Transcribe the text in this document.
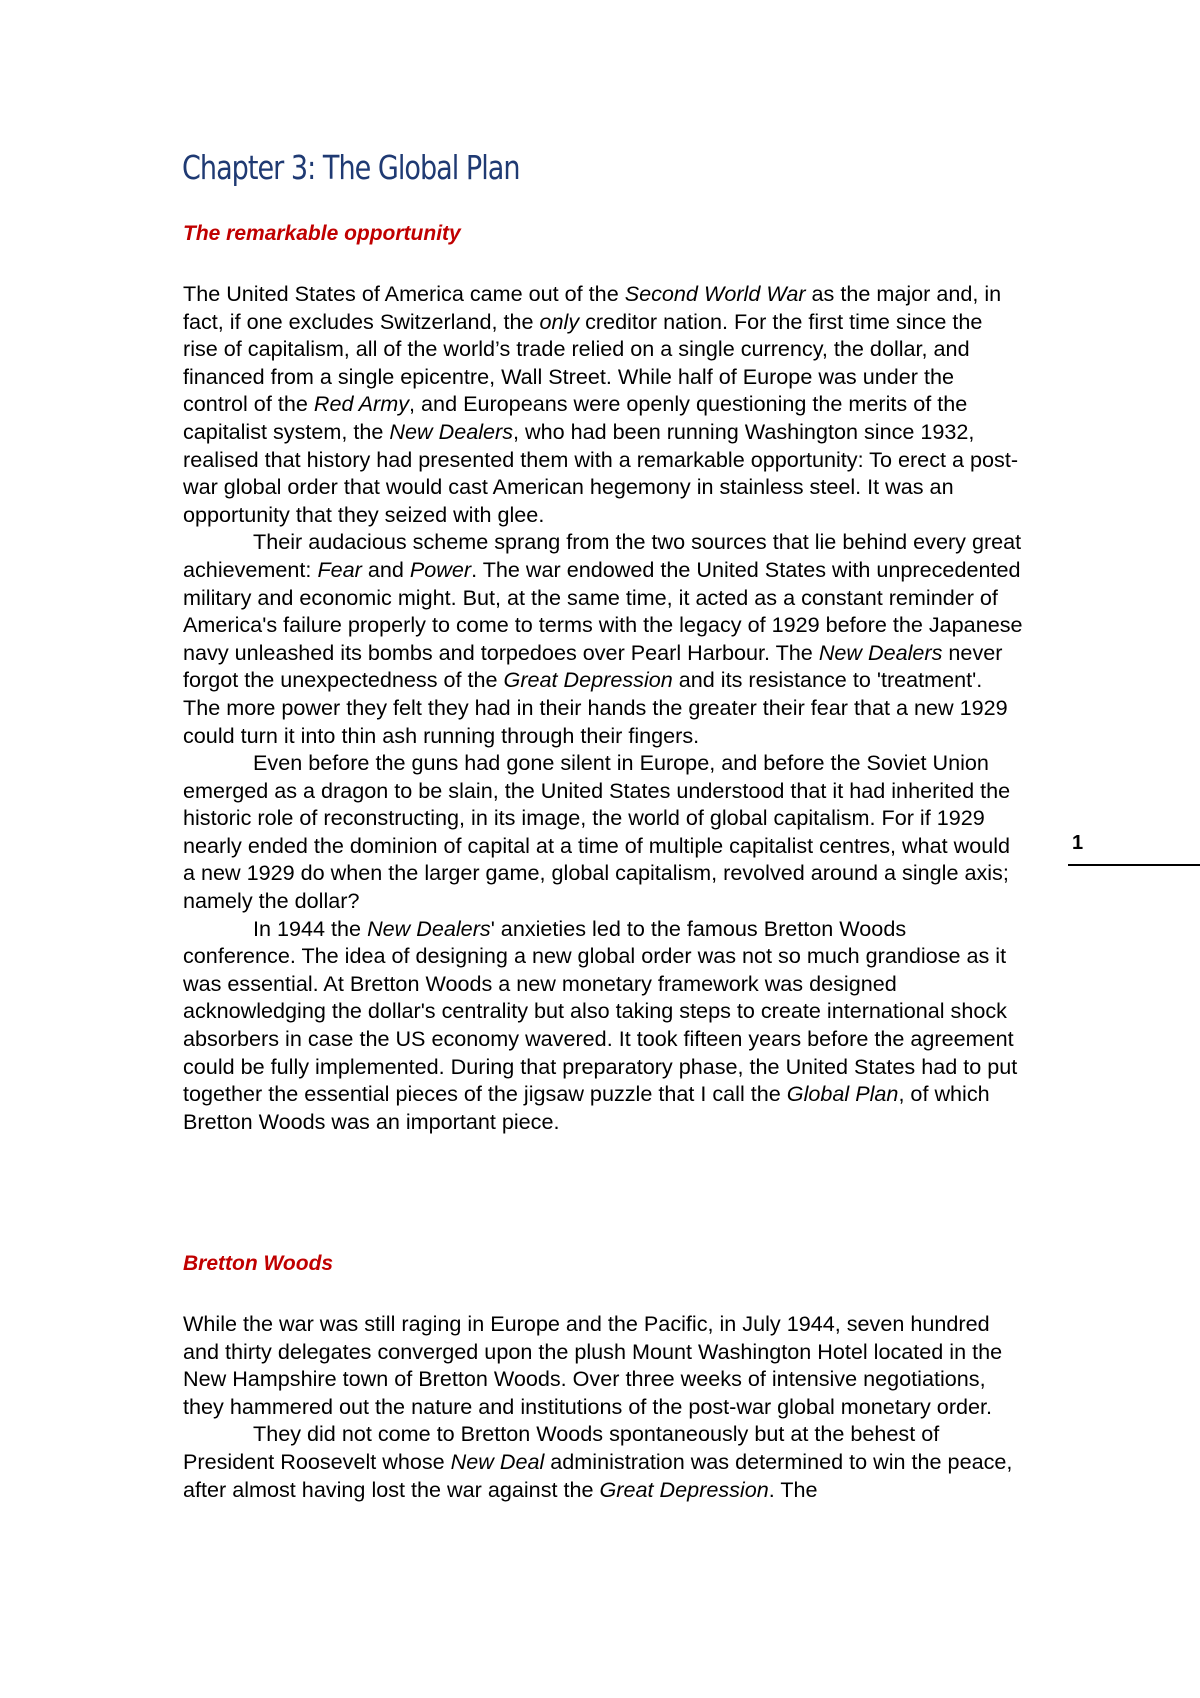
Chapter 3: The Global Plan
The remarkable opportunity

The United States of America came out of the Second World War as the major and, in fact, if one excludes Switzerland, the only creditor nation. For the first time since the rise of capitalism, all of the world’s trade relied on a single currency, the dollar, and financed from a single epicentre, Wall Street. While half of Europe was under the control of the Red Army, and Europeans were openly questioning the merits of the capitalist system, the New Dealers, who had been running Washington since 1932, realised that history had presented them with a remarkable opportunity: To erect a post-war global order that would cast American hegemony in stainless steel. It was an opportunity that they seized with glee.

Their audacious scheme sprang from the two sources that lie behind every great achievement: Fear and Power. The war endowed the United States with unprecedented military and economic might. But, at the same time, it acted as a constant reminder of America's failure properly to come to terms with the legacy of 1929 before the Japanese navy unleashed its bombs and torpedoes over Pearl Harbour. The New Dealers never forgot the unexpectedness of the Great Depression and its resistance to 'treatment'. The more power they felt they had in their hands the greater their fear that a new 1929 could turn it into thin ash running through their fingers.

Even before the guns had gone silent in Europe, and before the Soviet Union emerged as a dragon to be slain, the United States understood that it had inherited the historic role of reconstructing, in its image, the world of global capitalism. For if 1929 nearly ended the dominion of capital at a time of multiple capitalist centres, what would a new 1929 do when the larger game, global capitalism, revolved around a single axis; namely the dollar?

In 1944 the New Dealers' anxieties led to the famous Bretton Woods conference. The idea of designing a new global order was not so much grandiose as it was essential. At Bretton Woods a new monetary framework was designed acknowledging the dollar's centrality but also taking steps to create international shock absorbers in case the US economy wavered. It took fifteen years before the agreement could be fully implemented. During that preparatory phase, the United States had to put together the essential pieces of the jigsaw puzzle that I call the Global Plan, of which Bretton Woods was an important piece.

Bretton Woods

While the war was still raging in Europe and the Pacific, in July 1944, seven hundred and thirty delegates converged upon the plush Mount Washington Hotel located in the New Hampshire town of Bretton Woods. Over three weeks of intensive negotiations, they hammered out the nature and institutions of the post-war global monetary order.

They did not come to Bretton Woods spontaneously but at the behest of President Roosevelt whose New Deal administration was determined to win the peace, after almost having lost the war against the Great Depression. The

1
